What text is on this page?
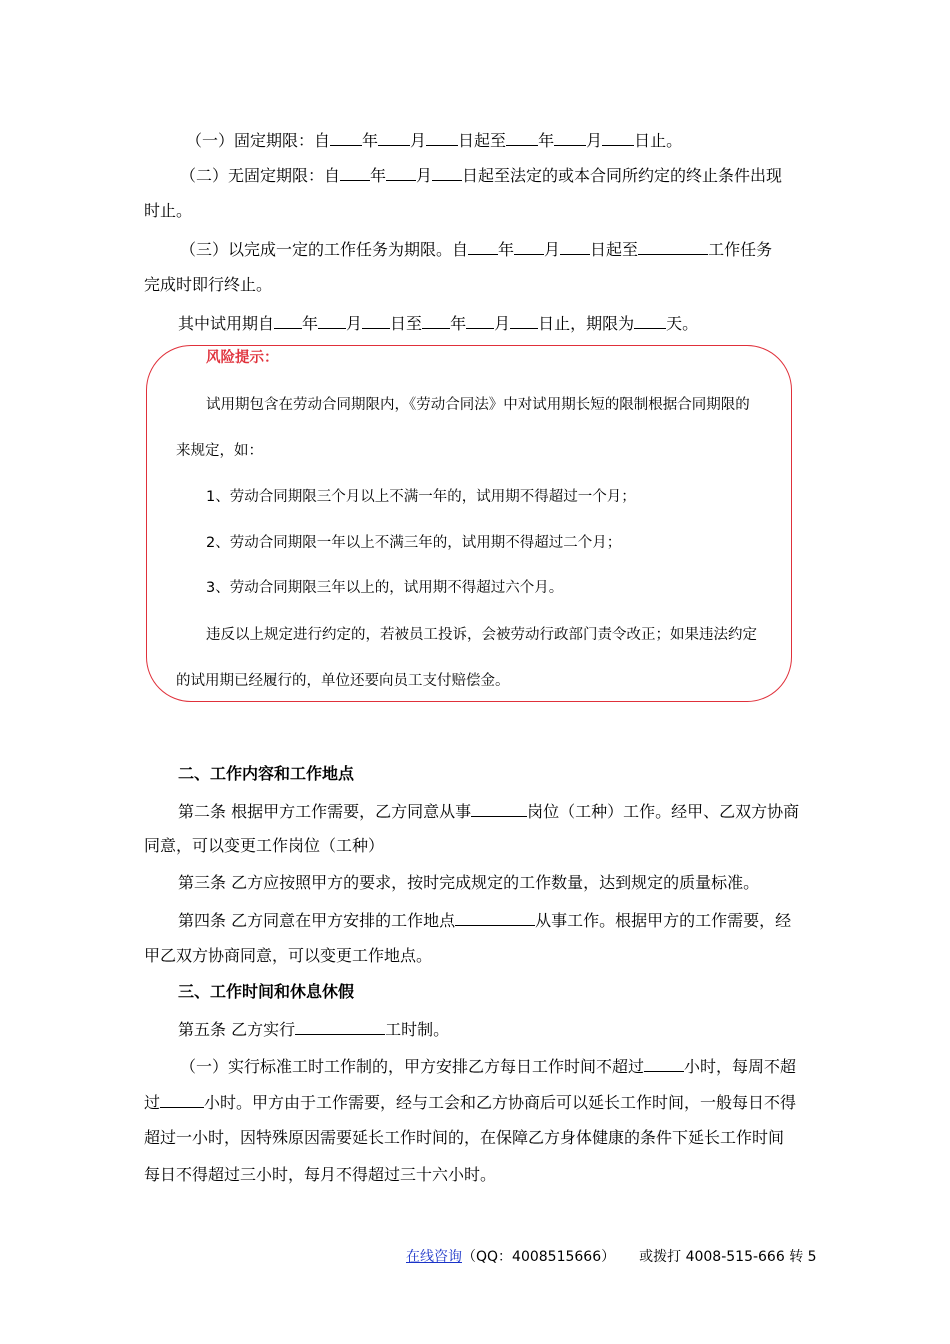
（一）固定期限：自 年 月 日起至 年 月 日止。
（二）无固定期限：自 年 月 日起至法定的或本合同所约定的终止条件出现
时止。
（三）以完成一定的工作任务为期限。自 年 月 日起至	工作任务
完成时即行终止。
其中试用期自 年 月 日至 年 月 日止，期限为 天。
风险提示：
试用期包含在劳动合同期限内，《劳动合同法》中对试用期长短的限制根据合同期限的
来规定，如：
1、劳动合同期限三个月以上不满一年的，试用期不得超过一个月；
2、劳动合同期限一年以上不满三年的，试用期不得超过二个月；
3、劳动合同期限三年以上的，试用期不得超过六个月。
违反以上规定进行约定的，若被员工投诉，会被劳动行政部门责令改正；如果违法约定
的试用期已经履行的，单位还要向员工支付赔偿金。
二、工作内容和工作地点
第二条 根据甲方工作需要，乙方同意从事	岗位（工种）工作。经甲、乙双方协商
同意，可以变更工作岗位（工种）
第三条 乙方应按照甲方的要求，按时完成规定的工作数量，达到规定的质量标准。
第四条 乙方同意在甲方安排的工作地点	从事工作。根据甲方的工作需要，经
甲乙双方协商同意，可以变更工作地点。
三、工作时间和休息休假
第五条 乙方实行	工时制。
（一）实行标准工时工作制的，甲方安排乙方每日工作时间不超过	小时，每周不超
过	小时。甲方由于工作需要，经与工会和乙方协商后可以延长工作时间，一般每日不得
超过一小时，因特殊原因需要延长工作时间的，在保障乙方身体健康的条件下延长工作时间
每日不得超过三小时，每月不得超过三十六小时。
在线咨询（QQ：4008515666） 或拨打 4008-515-666 转 5
